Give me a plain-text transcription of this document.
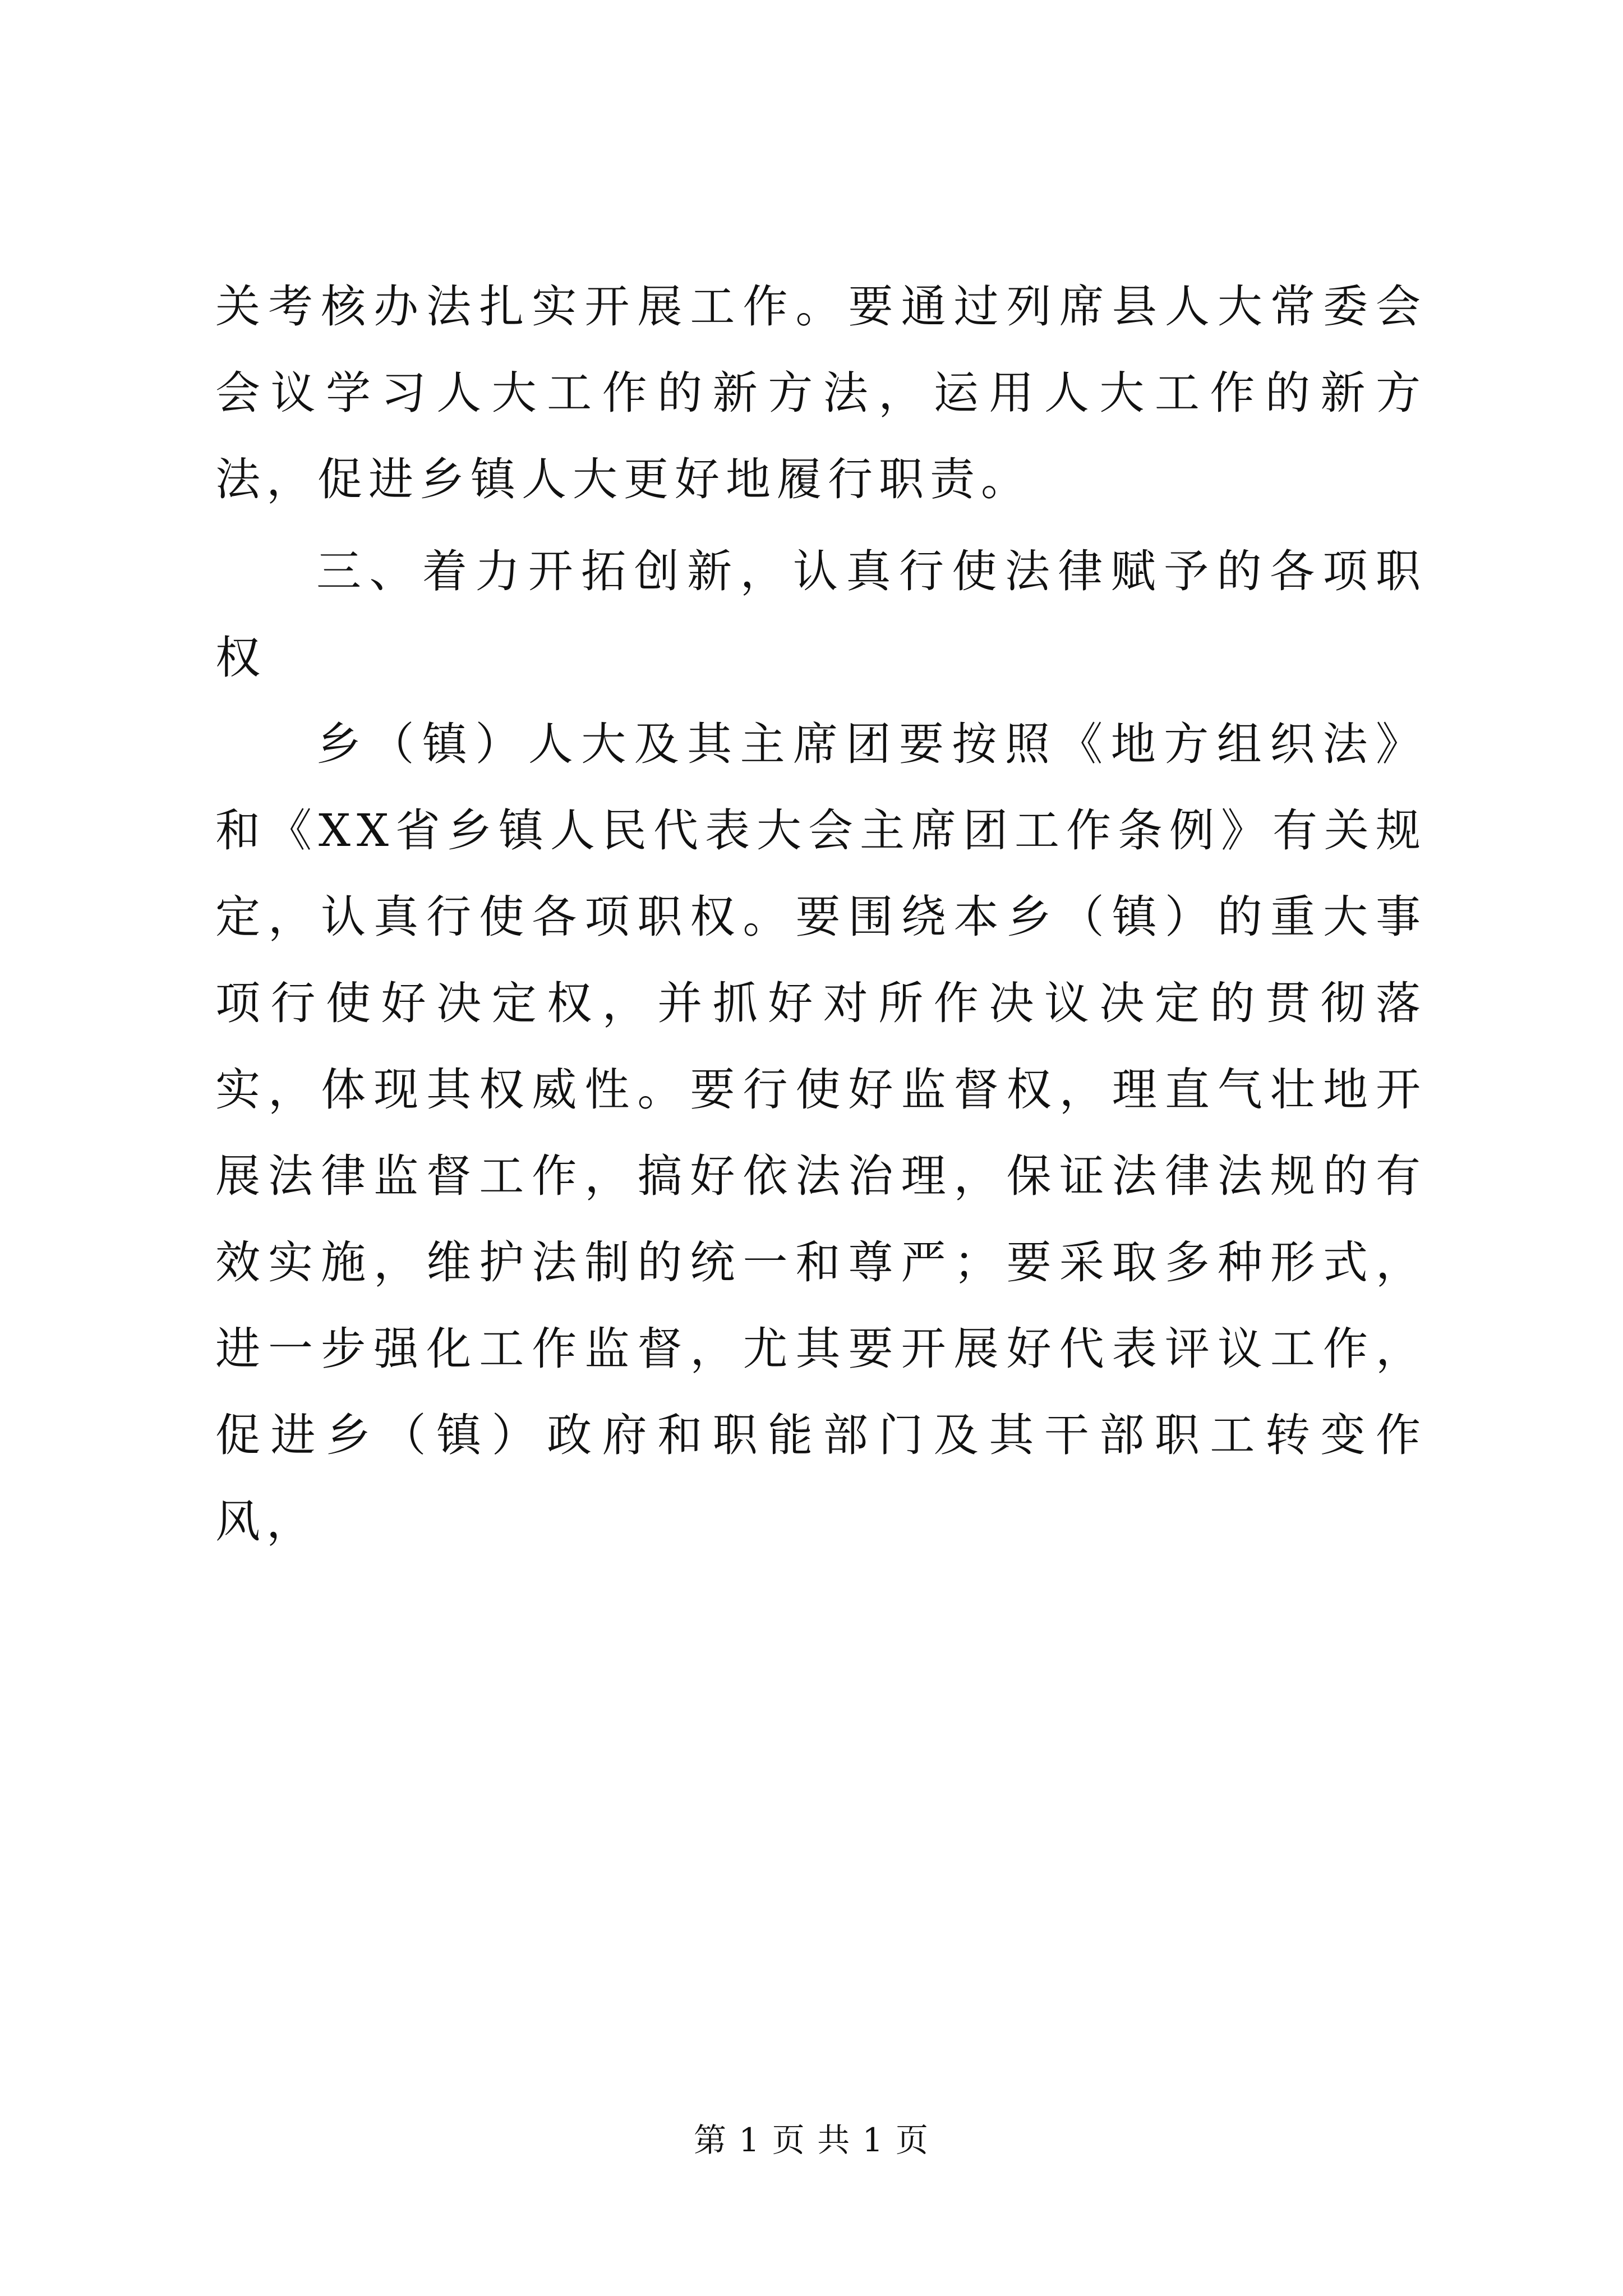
关考核办法扎实开展工作。要通过列席县人大常委会会议学习人大工作的新方法，运用人大工作的新方法，促进乡镇人大更好地履行职责。

三、着力开拓创新，认真行使法律赋予的各项职权

乡（镇）人大及其主席团要按照《地方组织法》和《XX省乡镇人民代表大会主席团工作条例》有关规定，认真行使各项职权。要围绕本乡（镇）的重大事项行使好决定权，并抓好对所作决议决定的贯彻落实，体现其权威性。要行使好监督权，理直气壮地开展法律监督工作，搞好依法治理，保证法律法规的有效实施，维护法制的统一和尊严；要采取多种形式，进一步强化工作监督，尤其要开展好代表评议工作，促进乡（镇）政府和职能部门及其干部职工转变作风，

第 1 页 共 1 页
